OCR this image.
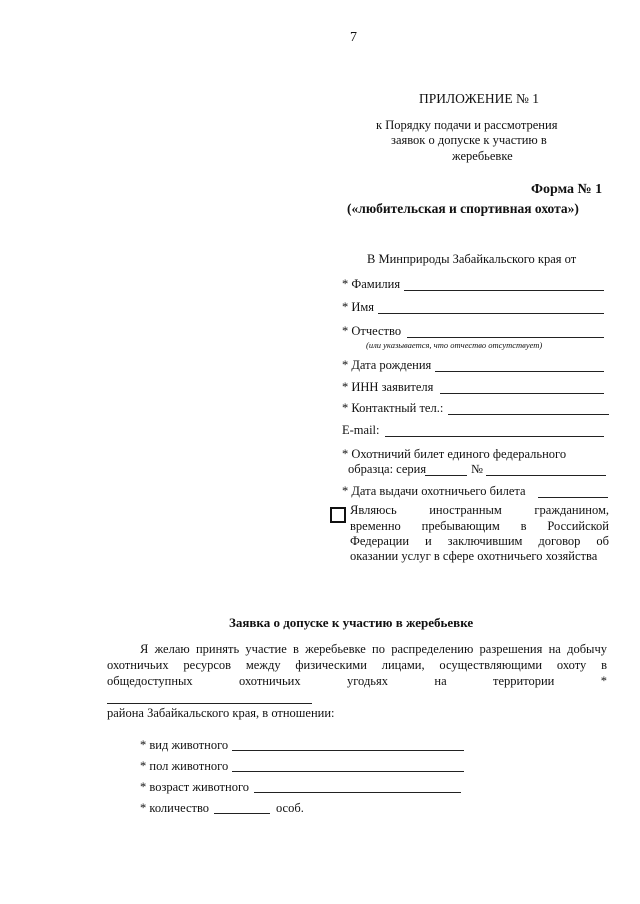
7
ПРИЛОЖЕНИЕ № 1
к Порядку подачи и рассмотрения
заявок о допуске к участию в
жеребьевке
Форма № 1
(«любительская и спортивная охота»)
В Минприроды Забайкальского края от
* Фамилия
* Имя
* Отчество
(или указывается, что отчество отсутствует)
* Дата рождения
* ИНН заявителя
* Контактный тел.:
E-mail:
* Охотничий билет единого федерального
образца: серия	№
* Дата выдачи охотничьего билета
Являюсь иностранным гражданином,
временно пребывающим в Российской
Федерации и заключившим договор об
оказании услуг в сфере охотничьего хозяйства
Заявка о допуске к участию в жеребьевке
Я желаю принять участие в жеребьевке по распределению разрешения на добычу
охотничьих ресурсов между физическими лицами, осуществляющими охоту в
общедоступных охотничьих угодьях на территории *
района Забайкальского края, в отношении:
* вид животного
* пол животного
* возраст животного
* количество	особ.
